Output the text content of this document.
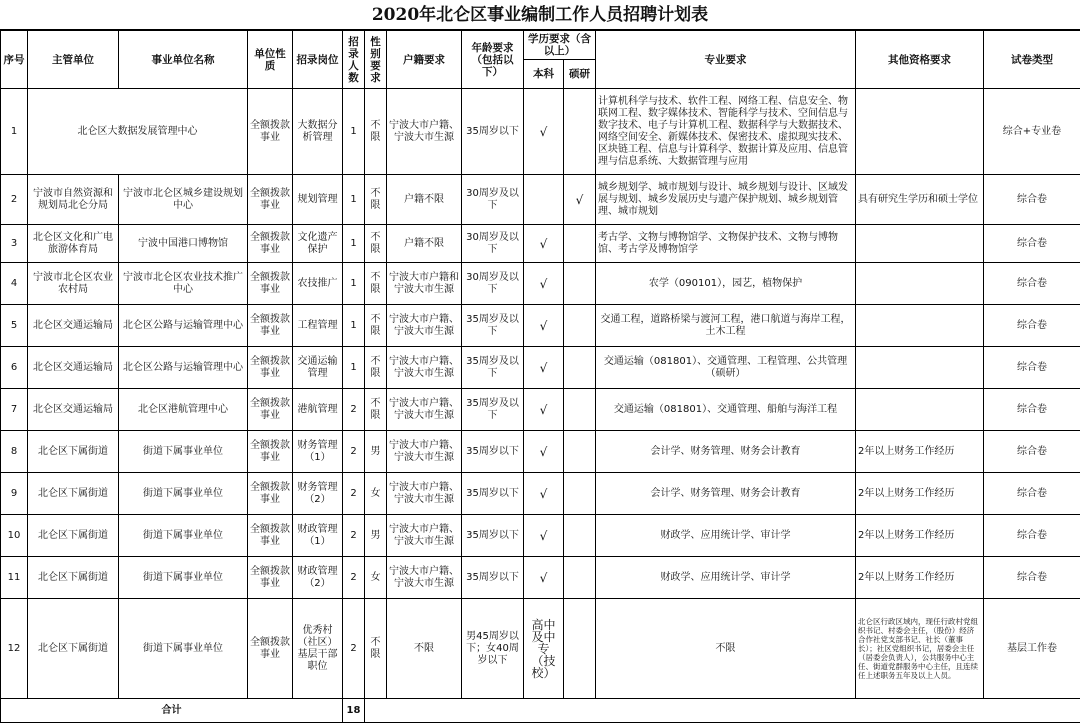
2020年北仑区事业编制工作人员招聘计划表
序号	主管单位	事业单位名称	单位性质	招录岗位	招录人数	性别要求	户籍要求	年龄要求（包括以下）	学历要求（含以上）		专业要求	其他资格要求	试卷类型
									本科	硕研			
1	北仑区大数据发展管理中心		全额拨款事业	大数据分析管理	1	不限	宁波大市户籍、宁波大市生源	35周岁以下	√		计算机科学与技术、软件工程、网络工程、信息安全、物联网工程、数字媒体技术、智能科学与技术、空间信息与数字技术、电子与计算机工程、数据科学与大数据技术、网络空间安全、新媒体技术、保密技术、虚拟现实技术、区块链工程、信息与计算科学、数据计算及应用、信息管理与信息系统、大数据管理与应用		综合+专业卷
2	宁波市自然资源和规划局北仑分局	宁波市北仑区城乡建设规划中心	全额拨款事业	规划管理	1	不限	户籍不限	30周岁及以下		√	城乡规划学、城市规划与设计、城乡规划与设计、区域发展与规划、城乡发展历史与遗产保护规划、城乡规划管理、城市规划	具有研究生学历和硕士学位	综合卷
3	北仑区文化和广电旅游体育局	宁波中国港口博物馆	全额拨款事业	文化遗产保护	1	不限	户籍不限	30周岁及以下	√		考古学、文物与博物馆学、文物保护技术、文物与博物馆、考古学及博物馆学		综合卷
4	宁波市北仑区农业农村局	宁波市北仑区农业技术推广中心	全额拨款事业	农技推广	1	不限	宁波大市户籍和宁波大市生源	30周岁及以下	√		农学（090101），园艺，植物保护		综合卷
5	北仑区交通运输局	北仑区公路与运输管理中心	全额拨款事业	工程管理	1	不限	宁波大市户籍、宁波大市生源	35周岁及以下	√		交通工程，道路桥梁与渡河工程，港口航道与海岸工程，土木工程		综合卷
6	北仑区交通运输局	北仑区公路与运输管理中心	全额拨款事业	交通运输管理	1	不限	宁波大市户籍、宁波大市生源	35周岁及以下	√		交通运输（081801）、交通管理、工程管理、公共管理（硕研）		综合卷
7	北仑区交通运输局	北仑区港航管理中心	全额拨款事业	港航管理	2	不限	宁波大市户籍、宁波大市生源	35周岁及以下	√		交通运输（081801）、交通管理、船舶与海洋工程		综合卷
8	北仑区下属街道	街道下属事业单位	全额拨款事业	财务管理（1）	2	男	宁波大市户籍、宁波大市生源	35周岁以下	√		会计学、财务管理、财务会计教育	2年以上财务工作经历	综合卷
9	北仑区下属街道	街道下属事业单位	全额拨款事业	财务管理（2）	2	女	宁波大市户籍、宁波大市生源	35周岁以下	√		会计学、财务管理、财务会计教育	2年以上财务工作经历	综合卷
10	北仑区下属街道	街道下属事业单位	全额拨款事业	财政管理（1）	2	男	宁波大市户籍、宁波大市生源	35周岁以下	√		财政学、应用统计学、审计学	2年以上财务工作经历	综合卷
11	北仑区下属街道	街道下属事业单位	全额拨款事业	财政管理（2）	2	女	宁波大市户籍、宁波大市生源	35周岁以下	√		财政学、应用统计学、审计学	2年以上财务工作经历	综合卷
12	北仑区下属街道	街道下属事业单位	全额拨款事业	优秀村（社区）基层干部职位	2	不限	不限	男45周岁以下；女40周岁以下	高中及中专（技校）		不限	北仑区行政区域内，现任行政村党组织书记、村委会主任，（股份）经济合作社党支部书记、社长（董事长）；社区党组织书记，居委会主任（居委会负责人），公共服务中心主任、街道党群服务中心主任，且连续任上述职务五年及以上人员。	基层工作卷
合计					18								
